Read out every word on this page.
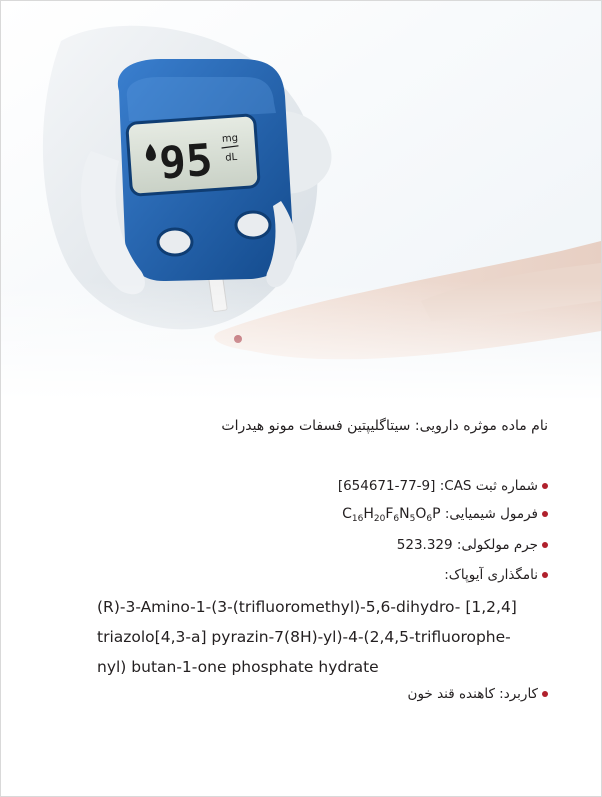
نام ماده موثره دارویی: سیتاگلیپتین فسفات مونو هیدرات
شماره ثبت CAS: [654671-77-9]
فرمول شیمیایی: $C_{16}H_{20}F_6N_5O_6P$
جرم مولکولی: 523.329
نامگذاری آیوپاک:
(R)-3-Amino-1-(3-(trifluoromethyl)-5,6-dihydro- [1,2,4]
triazolo[4,3-a] pyrazin-7(8H)-yl)-4-(2,4,5-trifluorophe-
nyl) butan-1-one phosphate hydrate
کاربرد: کاهنده قند خون
